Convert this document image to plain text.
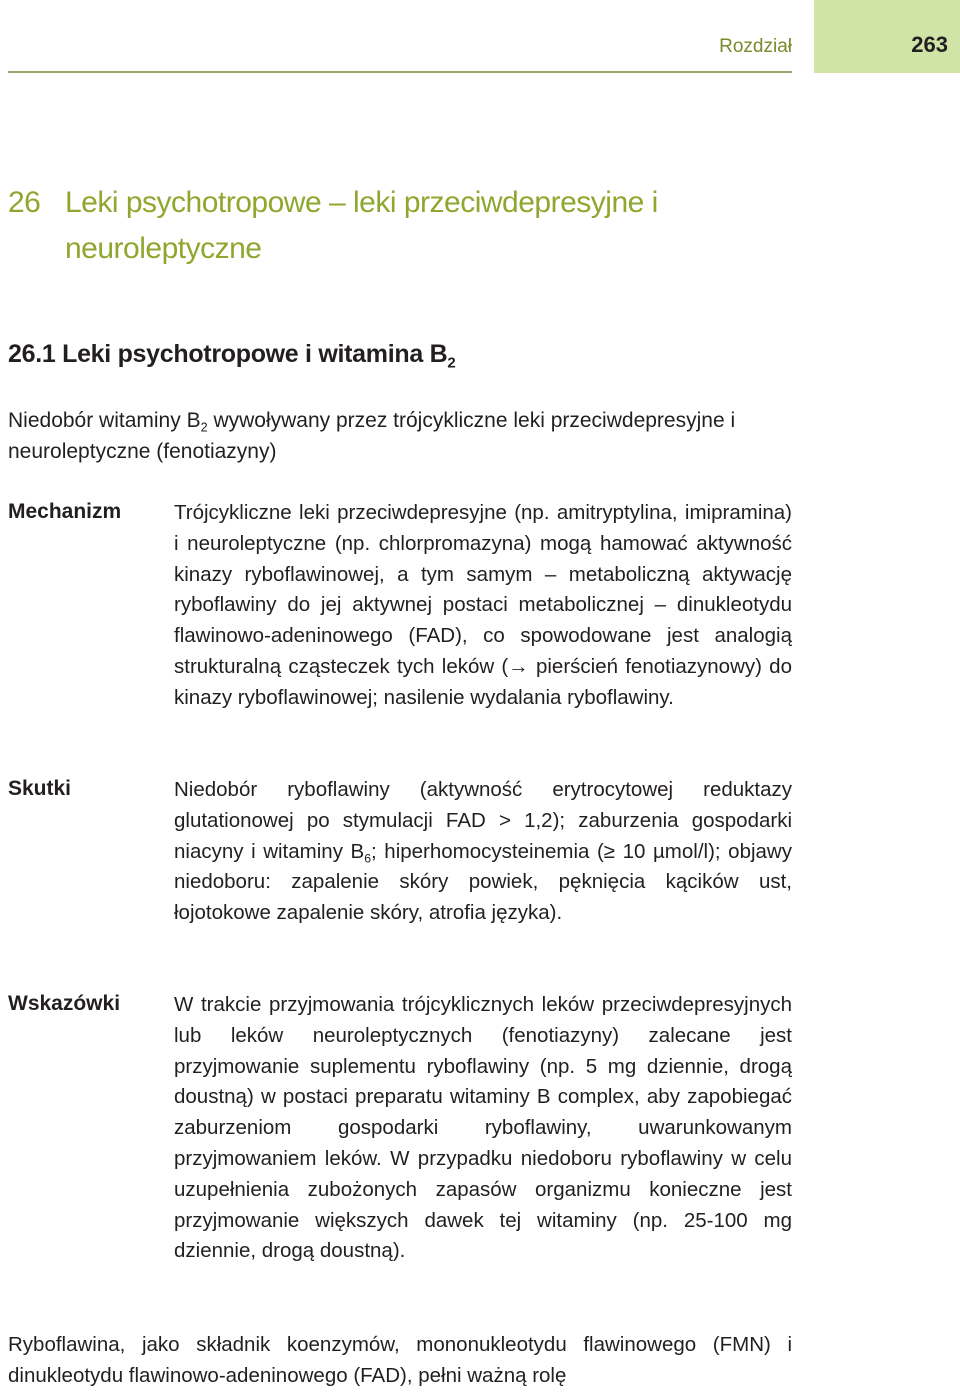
Rozdział	263
26 Leki psychotropowe – leki przeciwdepresyjne i neuroleptyczne
26.1 Leki psychotropowe i witamina $B_2$
Niedobór witaminy $B_2$ wywoływany przez trójcykliczne leki przeciwdepresyjne i neuroleptyczne (fenotiazyny)
Mechanizm	Trójcykliczne leki przeciwdepresyjne (np. amitryptylina, imipramina) i neuroleptyczne (np. chlorpromazyna) mogą hamować aktywność kinazy ryboflawinowej, a tym samym – metaboliczną aktywację ryboflawiny do jej aktywnej postaci metabolicznej – dinukleotydu flawinowo-adeninowego (FAD), co spowodowane jest analogią strukturalną cząsteczek tych leków (→ pierścień fenotiazynowy) do kinazy ryboflawinowej; nasilenie wydalania ryboflawiny.
Skutki	Niedobór ryboflawiny (aktywność erytrocytowej reduktazy glutationowej po stymulacji FAD > 1,2); zaburzenia gospodarki niacyny i witaminy $B_6$; hiperhomocysteinemia (≥ 10 µmol/l); objawy niedoboru: zapalenie skóry powiek, pęknięcia kącików ust, łojotokowe zapalenie skóry, atrofia języka).
Wskazówki	W trakcie przyjmowania trójcyklicznych leków przeciwdepresyjnych lub leków neuroleptycznych (fenotiazyny) zalecane jest przyjmowanie suplementu ryboflawiny (np. 5 mg dziennie, drogą doustną) w postaci preparatu witaminy B complex, aby zapobiegać zaburzeniom gospodarki ryboflawiny, uwarunkowanym przyjmowaniem leków. W przypadku niedoboru ryboflawiny w celu uzupełnienia zubożonych zapasów organizmu konieczne jest przyjmowanie większych dawek tej witaminy (np. 25-100 mg dziennie, drogą doustną).
Ryboflawina, jako składnik koenzymów, mononukleotydu flawinowego (FMN) i dinukleotydu flawinowo-adeninowego (FAD), pełni ważną rolę
